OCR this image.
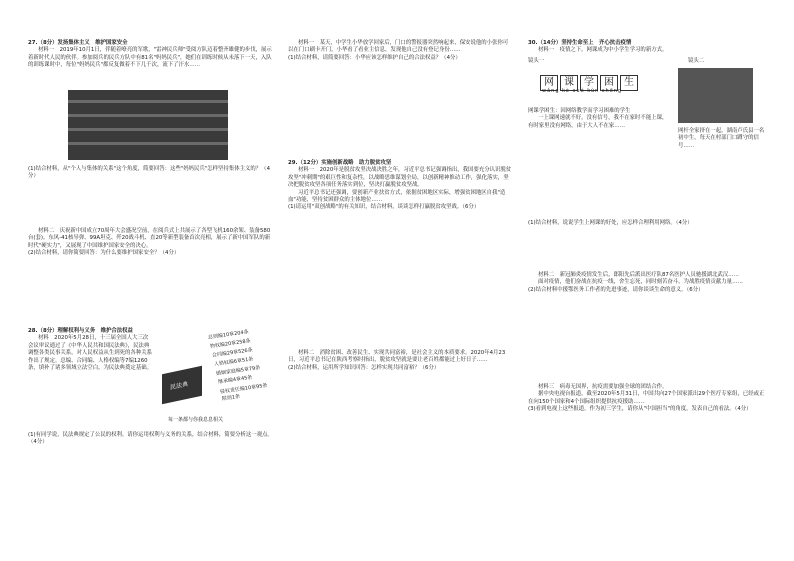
27.（8分）发扬集体主义　维护国家安全

材料一　2019年10月1日，伴随着嘹亮的军歌，"雷神民兵师"受阅方队迈着整齐雄健的步伐，展示着新时代人民的伙伴。参加阅兵的民兵方队中有81名"妈妈民兵"，她们在训练时候从未落下一天，入队的训练课时中，每位"妈妈民兵"都反复做着不下几千次，流下了汗水……

(1)结合材料，从"个人与集体的关系"这个角度，简要回答：这些"妈妈民兵"怎样坚持集体主义的？（4分）

材料二　庆祝新中国成立70周年大会盛况空前，在阅兵式上共展示了各型飞机160余架、装备580台(套)。东风-41核导弹、99A坦克、歼20战斗机、直20等新型装备首次亮相，展示了新中国军队的新时代"硬实力"，又展现了中国维护国家安全的决心。

(2)结合材料，请你简要回答：为什么要维护国家安全？（4分）

28.（8分）理解权利与义务　维护合法权益

材料　2020年5月28日，十三届全国人大三次会议审议通过了《中华人民共和国民法典》，民法典调整各类民事关系，对人民权益从生到死的各种关系作出了规定。总编、合同编、人格权编等7编1260条，填补了诸多领域立法空白，为民法典奠定基础。

民法典
总则编10章204条
物权编20章258条
合同编29章526条
人格权编6章51条
婚姻家庭编5章79条
继承编4章45条
侵权责任编10章95条
附则1条
每一条都与你我息息相关

(1)有同学说，民法典规定了公民的权利。请你运用权利与义务的关系，结合材料，简要分析这一观点。（4分）

材料一　某天，中学生小华放学回家后，门口的警报器突然响起来，保安说他的小张你可以在门口刷卡开门，小华看了看业主信息，发现他自己没有登记身份……

(1)结合材料，请简要回答：小华应该怎样维护自己的合法权益？（4分）

29.（12分）实施创新战略　助力脱贫攻坚

材料一　2020年是脱贫攻坚决战决胜之年，习近平总书记强调指出，我国要充分认识脱贫攻坚"冲刺期"的艰巨性和复杂性，以战略思维谋划全局，以创新精神推动工作，强化落实，坚决把脱贫攻坚各项任务落实到位，坚决打赢脱贫攻坚战。

习近平总书记还强调，要创新产业扶贫方式，依据贫困地区实际，增强贫困地区自我"造血"功能，坚持贫困群众的主体地位……

(1)请运用"双创战略"的有关知识，结合材料，谈谈怎样打赢脱贫攻坚战。（6分）

材料二　消除贫困、改善民生、实现共同富裕，是社会主义的本质要求。2020年4月23日，习近平总书记在陕西考察时指出，脱贫攻坚就是要让老百姓都能过上好日子……

(2)结合材料，运用所学知识回答：怎样实现共同富裕？（6分）

30.（14分）坚持生命至上　齐心抗击疫情

材料一　疫情之下，网课成为中小学生学习的新方式。

镜头一	镜头二
网 课 学 困 生
wǎng kè xué kùn shēng

网课学困生：因网络教学而学习困难的学生

一上课网速就不好，没有信号，我不在家时不能上课，有时家里没有网络，由于大人不在家……

网杆全家挤在一起，湖南卢氏县一名初中生，每天在村部门口蹲守的信号……
(1)结合材料，说说学生上网课的好处，应怎样合理利用网络。（4分）

材料二　新冠肺炎疫情发生后，郎阳先后派出医疗队87名医护人员驰援湖北武汉……

面对疫情，他们奋战在抗疫一线，舍生忘死，同时刻苦奋斗，为战胜疫情贡献力量……

(2)结合材料中援鄂医务工作者的先进事迹，请你谈谈生命的意义。（6分）

材料三　病毒无国界，抗疫需要加强全球的团结合作。

据中央电视台报道，截至2020年5月31日，中国共向27个国家派出29个医疗专家组，已经或正在向150个国家和4个国际组织提供抗疫援助……

(3)看到电视上这些报道，作为初三学生，请你从"中国担当"的角度，发表自己的看法。（4分）
